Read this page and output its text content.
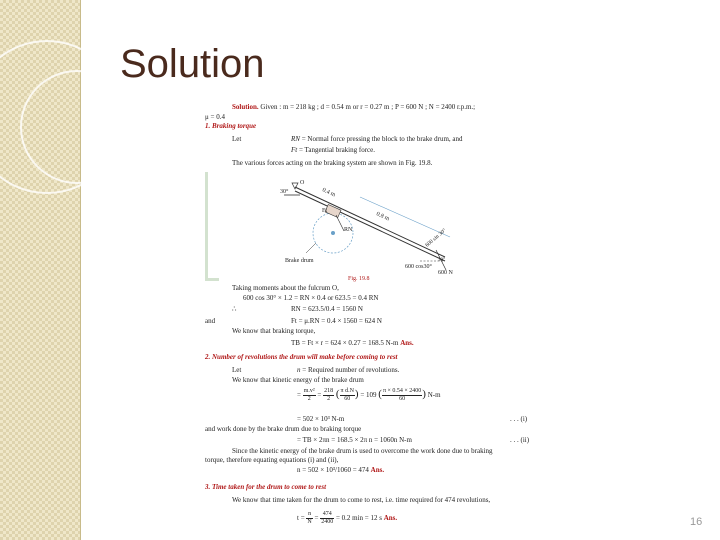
Solution
Solution. Given : m = 218 kg ; d = 0.54 m or r = 0.27 m ; P = 600 N ; N = 2400 r.p.m.;
μ = 0.4
1. Braking torque
Let	RN = Normal force pressing the block to the brake drum, and
Ft = Tangential braking force.
The various forces acting on the braking system are shown in Fig. 19.8.
30°
O
0.4 m
0.8 m
RN
Ft
Brake drum
600 sin 30°
30°
600 cos30°
600 N
Fig. 19.8
Taking moments about the fulcrum O,
600 cos 30° × 1.2 = RN × 0.4 or 623.5 = 0.4 RN
∴	RN = 623.5/0.4 = 1560 N
and	Ft = μ.RN = 0.4 × 1560 = 624 N
We know that braking torque,
TB = Ft × r = 624 × 0.27 = 168.5 N-m Ans.
2. Number of revolutions the drum will make before coming to rest
Let	n = Required number of revolutions.
We know that kinetic energy of the brake drum
= $\frac{\text{m.v²}}{2} = \frac{218}{2}$ ( $\frac{\text{π d.N}}{60}$ ) = 109 ( $\frac{\pi \times 0.54 \times 2400}{60}$ ) N-m
. . . (i)
= 502 × 10³ N-m
and work done by the brake drum due to braking torque
= TB × 2πn = 168.5 × 2π n = 1060n N-m	. . . (ii)
Since the kinetic energy of the brake drum is used to overcome the work done due to braking
torque, therefore equating equations (i) and (ii),
n = 502 × 10³/1060 = 474 Ans.
3. Time taken for the drum to come to rest
We know that time taken for the drum to come to rest, i.e. time required for 474 revolutions,
$t = \frac{n}{N} = \frac{474}{2400} = 0.2$ min = 12 s Ans.	16
